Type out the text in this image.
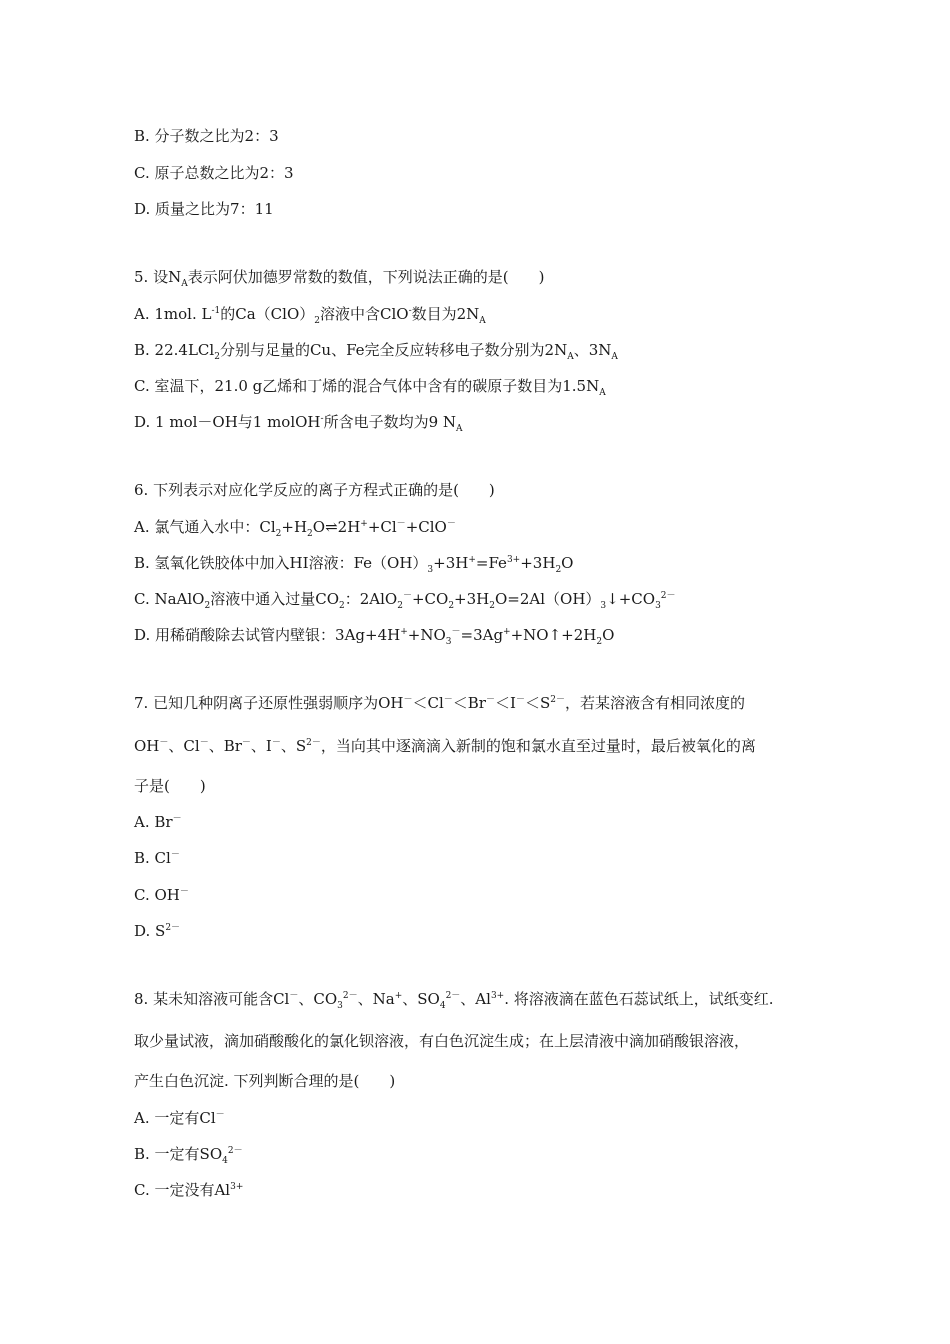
B. 分子数之比为2：3
C. 原子总数之比为2：3
D. 质量之比为7：11
5. 设$N_A$表示阿伏加德罗常数的数值，下列说法正确的是(　　)
A. 1mol. $L^{-1}$的$Ca(ClO)_2$溶液中含ClO-数目为$2N_A$
B. 22.4LCl$_2$分别与足量的Cu、Fe完全反应转移电子数分别为$2N_A$、$3N_A$
C. 室温下，21.0 g乙烯和丁烯的混合气体中含有的碳原子数目为$1.5N_A$
D. 1 mol－OH与1 molOH-所含电子数均为9 $N_A$
6. 下列表示对应化学反应的离子方程式正确的是(　　)
A. 氯气通入水中：$Cl_2+H_2O\rightleftharpoons 2H^++Cl^-+ClO^-$
B. 氢氧化铁胶体中加入HI溶液：$Fe(OH)_3+3H^+=Fe^{3+}+3H_2O$
C. NaAlO$_2$溶液中通入过量$CO_2$：$2AlO_2^-+CO_2+3H_2O=2Al(OH)_3↓+CO_3^{2-}$
D. 用稀硝酸除去试管内壁银：$3Ag+4H^++NO_3^-=3Ag^++NO↑+2H_2O$
7. 已知几种阴离子还原性强弱顺序为$OH^-<Cl^-<Br^-<I^-<S^{2-}$，若某溶液含有相同浓度的
OH－、Cl－、Br－、I－、$S^{2-}$，当向其中逐滴滴入新制的饱和氯水直至过量时，最后被氧化的离
子是(　　)
A. Br－
B. Cl－
C. OH－
D. $S^{2-}$
8. 某未知溶液可能含Cl－、$CO_3^{2-}$、Na+、$SO_4^{2-}$、$Al^{3+}$. 将溶液滴在蓝色石蕊试纸上，试纸变红.
取少量试液，滴加硝酸酸化的氯化钡溶液，有白色沉淀生成；在上层清液中滴加硝酸银溶液，
产生白色沉淀. 下列判断合理的是(　　)
A. 一定有Cl－
B. 一定有$SO_4^{2-}$
C. 一定没有$Al^{3+}$
